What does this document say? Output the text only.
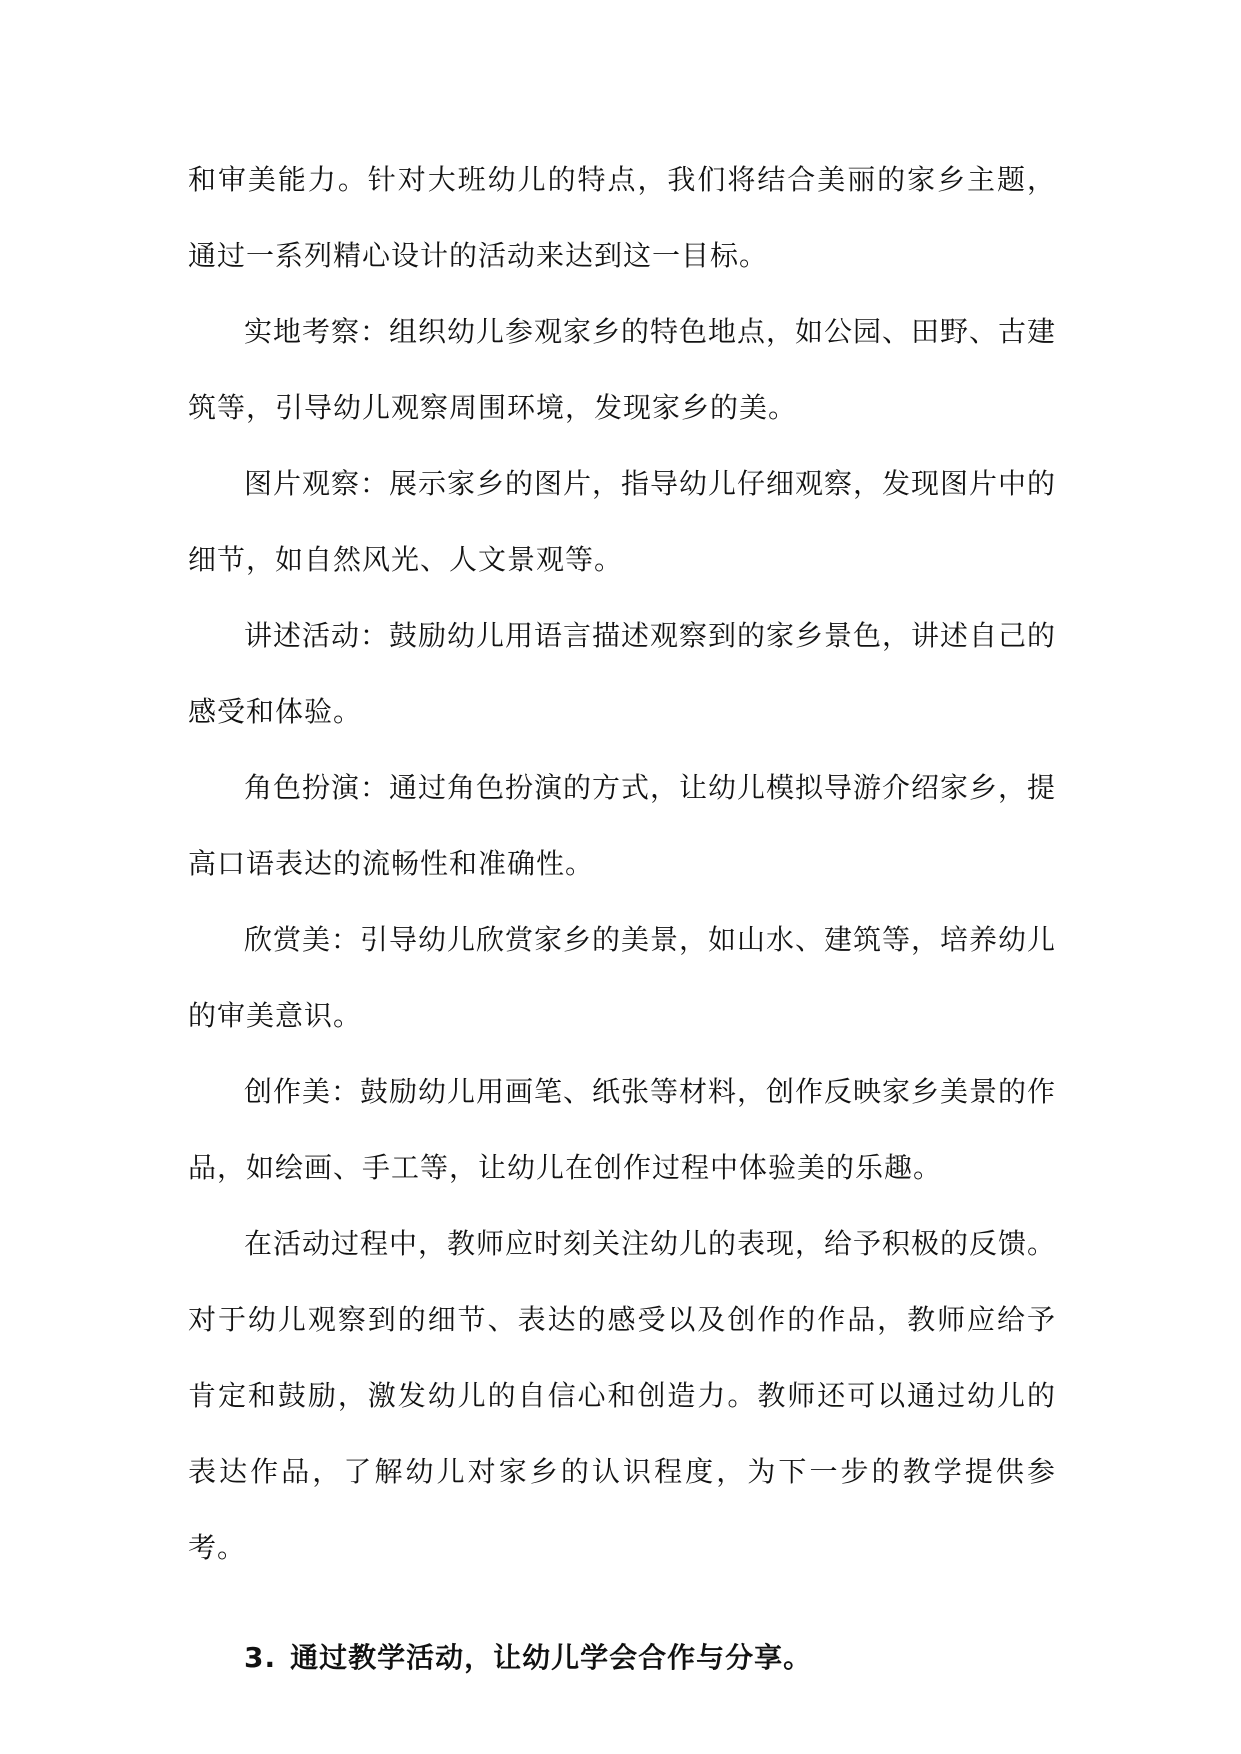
和审美能力。针对大班幼儿的特点，我们将结合美丽的家乡主题，通过一系列精心设计的活动来达到这一目标。

实地考察：组织幼儿参观家乡的特色地点，如公园、田野、古建筑等，引导幼儿观察周围环境，发现家乡的美。

图片观察：展示家乡的图片，指导幼儿仔细观察，发现图片中的细节，如自然风光、人文景观等。

讲述活动：鼓励幼儿用语言描述观察到的家乡景色，讲述自己的感受和体验。

角色扮演：通过角色扮演的方式，让幼儿模拟导游介绍家乡，提高口语表达的流畅性和准确性。

欣赏美：引导幼儿欣赏家乡的美景，如山水、建筑等，培养幼儿的审美意识。

创作美：鼓励幼儿用画笔、纸张等材料，创作反映家乡美景的作品，如绘画、手工等，让幼儿在创作过程中体验美的乐趣。

在活动过程中，教师应时刻关注幼儿的表现，给予积极的反馈。对于幼儿观察到的细节、表达的感受以及创作的作品，教师应给予肯定和鼓励，激发幼儿的自信心和创造力。教师还可以通过幼儿的表达作品，了解幼儿对家乡的认识程度，为下一步的教学提供参考。

3. 通过教学活动，让幼儿学会合作与分享。
